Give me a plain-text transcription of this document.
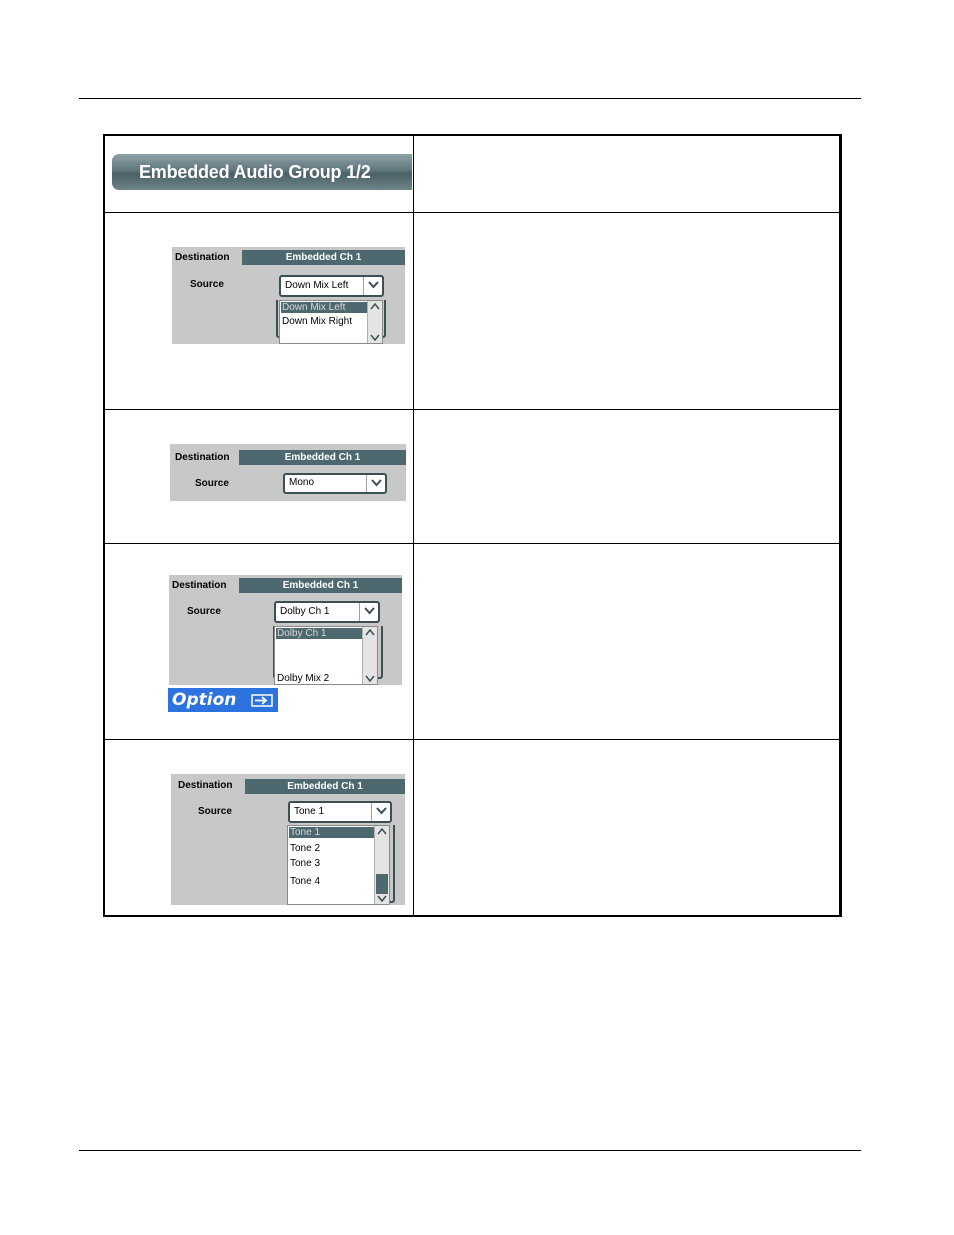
Embedded Audio Group 1/2
Destination	Embedded Ch 1
Source	Down Mix Left
Down Mix Left
Down Mix Right
Destination	Embedded Ch 1
Source	Mono
Destination	Embedded Ch 1
Source	Dolby Ch 1
Dolby Ch 1
Dolby Mix 2
Option
Destination	Embedded Ch 1
Source	Tone 1
Tone 1
Tone 2
Tone 3
Tone 4
